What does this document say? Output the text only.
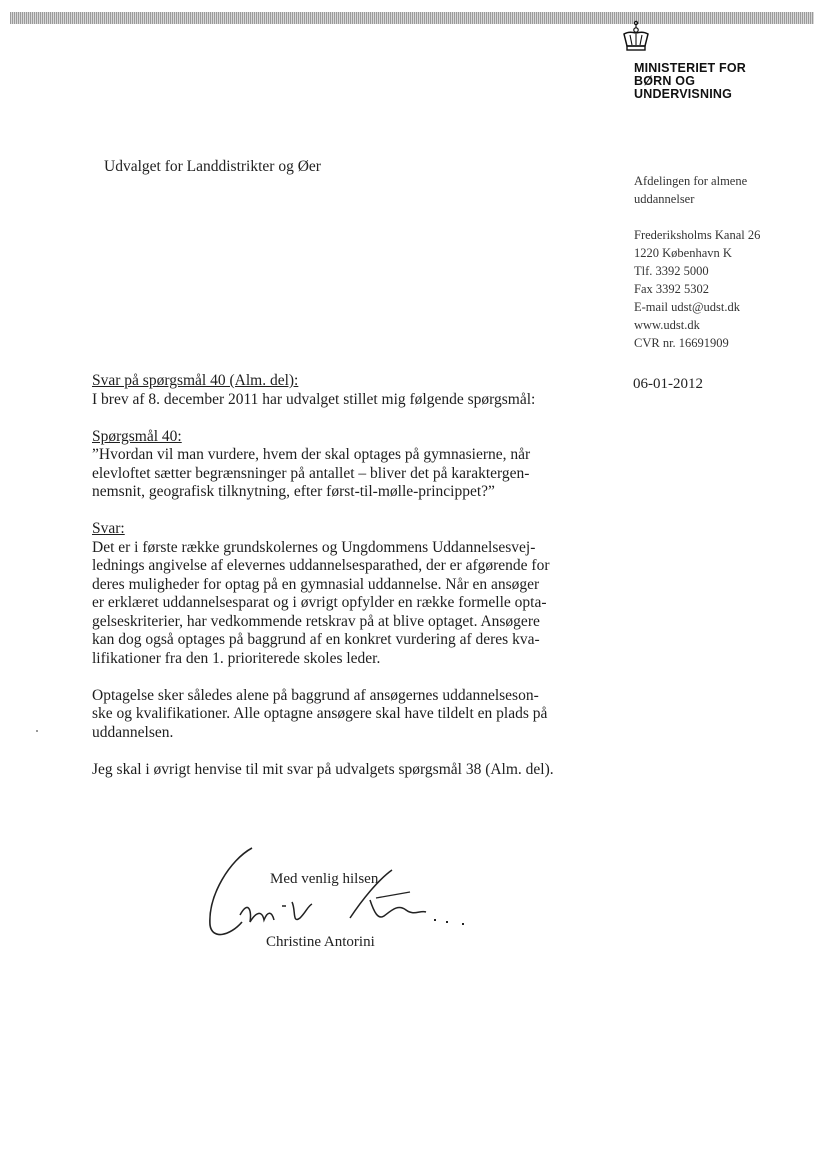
MINISTERIET FOR
BØRN OG
UNDERVISNING
Udvalget for Landdistrikter og Øer
Afdelingen for almene
uddannelser
Frederiksholms Kanal 26
1220 København K
Tlf. 3392 5000
Fax 3392 5302
E-mail udst@udst.dk
www.udst.dk
CVR nr. 16691909
06-01-2012
Svar på spørgsmål 40 (Alm. del):
I brev af 8. december 2011 har udvalget stillet mig følgende spørgsmål:
Spørgsmål 40:
”Hvordan vil man vurdere, hvem der skal optages på gymnasierne, når
elevloftet sætter begrænsninger på antallet – bliver det på karaktergen-
nemsnit, geografisk tilknytning, efter først-til-mølle-princippet?”
Svar:
Det er i første række grundskolernes og Ungdommens Uddannelsesvej-
lednings angivelse af elevernes uddannelsesparathed, der er afgørende for
deres muligheder for optag på en gymnasial uddannelse. Når en ansøger
er erklæret uddannelsesparat og i øvrigt opfylder en række formelle opta-
gelseskriterier, har vedkommende retskrav på at blive optaget. Ansøgere
kan dog også optages på baggrund af en konkret vurdering af deres kva-
lifikationer fra den 1. prioriterede skoles leder.
Optagelse sker således alene på baggrund af ansøgernes uddannelseson-
ske og kvalifikationer. Alle optagne ansøgere skal have tildelt en plads på
uddannelsen.
Jeg skal i øvrigt henvise til mit svar på udvalgets spørgsmål 38 (Alm. del).
Med venlig hilsen
Christine Antorini
